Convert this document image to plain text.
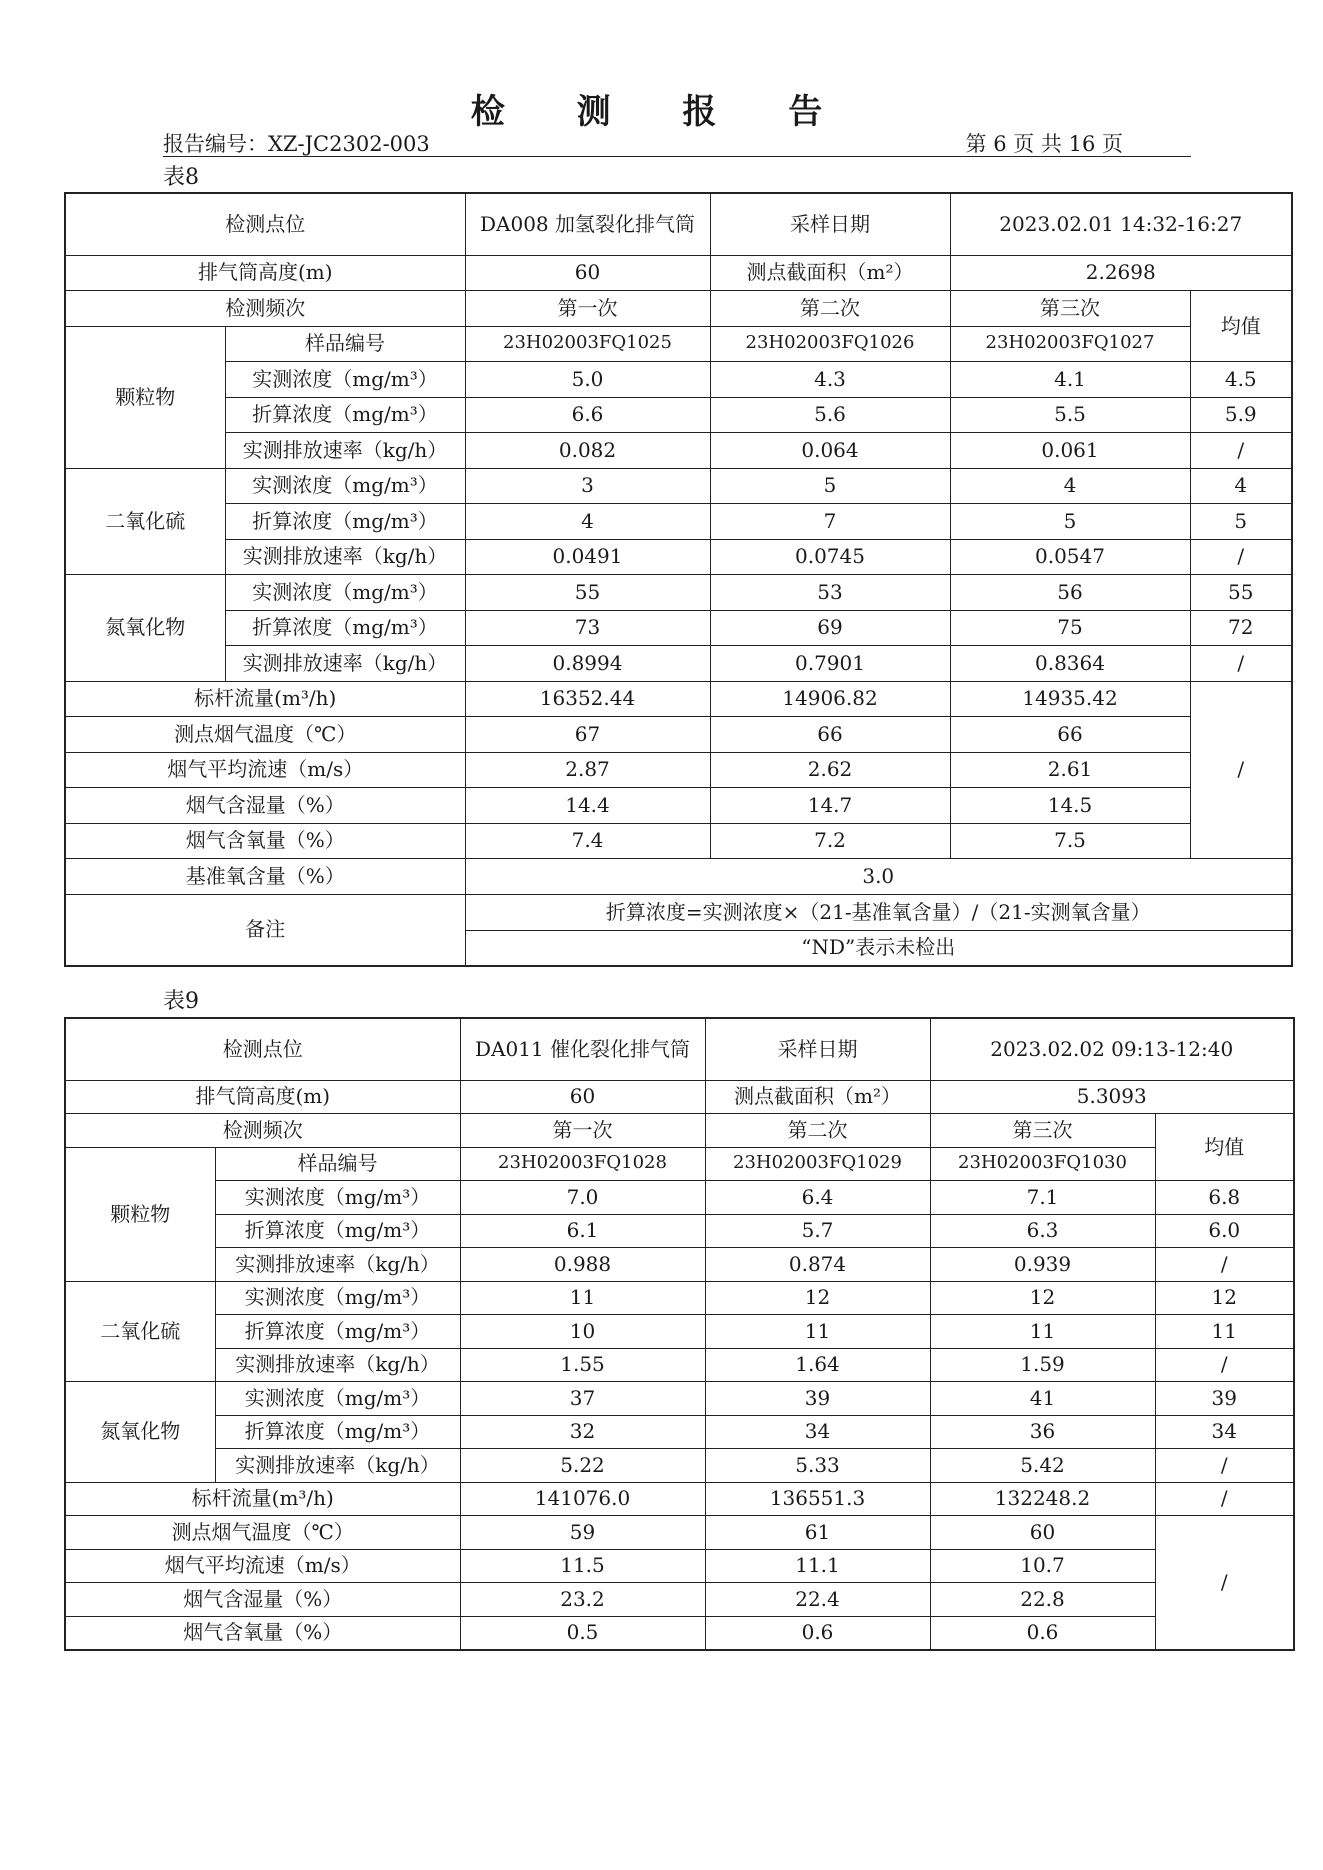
检 测 报 告
报告编号：XZ-JC2302-003	第 6 页 共 16 页
表8
检测点位		DA008 加氢裂化排气筒	采样日期	2023.02.01 14:32-16:27	
排气筒高度(m)		60	测点截面积（m²）	2.2698	
检测频次		第一次	第二次	第三次	均值
颗粒物	样品编号	23H02003FQ1025	23H02003FQ1026	23H02003FQ1027	
	实测浓度（mg/m³）	5.0	4.3	4.1	4.5
	折算浓度（mg/m³）	6.6	5.6	5.5	5.9
	实测排放速率（kg/h）	0.082	0.064	0.061	/
二氧化硫	实测浓度（mg/m³）	3	5	4	4
	折算浓度（mg/m³）	4	7	5	5
	实测排放速率（kg/h）	0.0491	0.0745	0.0547	/
氮氧化物	实测浓度（mg/m³）	55	53	56	55
	折算浓度（mg/m³）	73	69	75	72
	实测排放速率（kg/h）	0.8994	0.7901	0.8364	/
标杆流量(m³/h)		16352.44	14906.82	14935.42	/
测点烟气温度（℃）		67	66	66	
烟气平均流速（m/s）		2.87	2.62	2.61	
烟气含湿量（%）		14.4	14.7	14.5	
烟气含氧量（%）		7.4	7.2	7.5	
基准氧含量（%）		3.0			
备注		折算浓度=实测浓度×（21-基准氧含量）/（21-实测氧含量）			
		“ND”表示未检出			
表9
检测点位		DA011 催化裂化排气筒	采样日期	2023.02.02 09:13-12:40	
排气筒高度(m)		60	测点截面积（m²）	5.3093	
检测频次		第一次	第二次	第三次	均值
颗粒物	样品编号	23H02003FQ1028	23H02003FQ1029	23H02003FQ1030	
	实测浓度（mg/m³）	7.0	6.4	7.1	6.8
	折算浓度（mg/m³）	6.1	5.7	6.3	6.0
	实测排放速率（kg/h）	0.988	0.874	0.939	/
二氧化硫	实测浓度（mg/m³）	11	12	12	12
	折算浓度（mg/m³）	10	11	11	11
	实测排放速率（kg/h）	1.55	1.64	1.59	/
氮氧化物	实测浓度（mg/m³）	37	39	41	39
	折算浓度（mg/m³）	32	34	36	34
	实测排放速率（kg/h）	5.22	5.33	5.42	/
标杆流量(m³/h)		141076.0	136551.3	132248.2	/
测点烟气温度（℃）		59	61	60	/
烟气平均流速（m/s）		11.5	11.1	10.7	
烟气含湿量（%）		23.2	22.4	22.8	
烟气含氧量（%）		0.5	0.6	0.6	
